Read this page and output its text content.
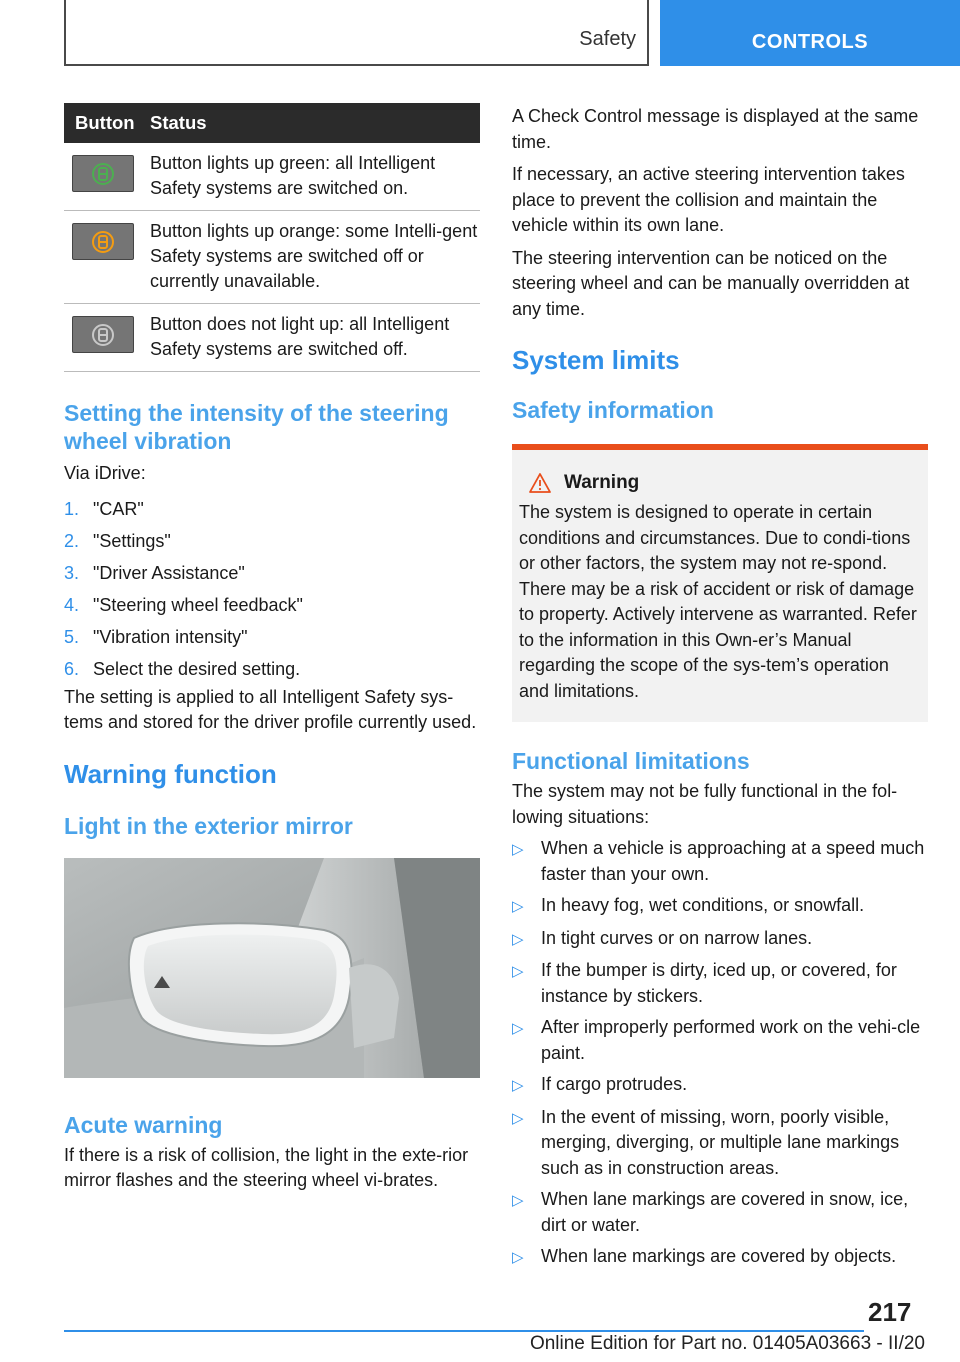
Safety	CONTROLS
Button	Status

	Button lights up green: all Intelligent Safety systems are switched on.

	Button lights up orange: some Intelli‐gent Safety systems are switched off or currently unavailable.

	Button does not light up: all Intelligent Safety systems are switched off.
Setting the intensity of the steering wheel vibration

Via iDrive:

1. "CAR"
2. "Settings"
3. "Driver Assistance"
4. "Steering wheel feedback"
5. "Vibration intensity"
6. Select the desired setting.

The setting is applied to all Intelligent Safety sys‐tems and stored for the driver profile currently used.

Warning function
Light in the exterior mirror
Acute warning

If there is a risk of collision, the light in the exte‐rior mirror flashes and the steering wheel vi‐brates.

A Check Control message is displayed at the same time.

If necessary, an active steering intervention takes place to prevent the collision and maintain the vehicle within its own lane.

The steering intervention can be noticed on the steering wheel and can be manually overridden at any time.

System limits
Safety information
Warning

The system is designed to operate in certain conditions and circumstances. Due to condi‐tions or other factors, the system may not re‐spond. There may be a risk of accident or risk of damage to property. Actively intervene as warranted. Refer to the information in this Own‐er’s Manual regarding the scope of the sys‐tem’s operation and limitations.

Functional limitations

The system may not be fully functional in the fol‐lowing situations:

▷ When a vehicle is approaching at a speed much faster than your own.
▷ In heavy fog, wet conditions, or snowfall.
▷ In tight curves or on narrow lanes.
▷ If the bumper is dirty, iced up, or covered, for instance by stickers.
▷ After improperly performed work on the vehi‐cle paint.
▷ If cargo protrudes.
▷ In the event of missing, worn, poorly visible, merging, diverging, or multiple lane markings such as in construction areas.
▷ When lane markings are covered in snow, ice, dirt or water.
▷ When lane markings are covered by objects.
217
Online Edition for Part no. 01405A03663 - II/20
